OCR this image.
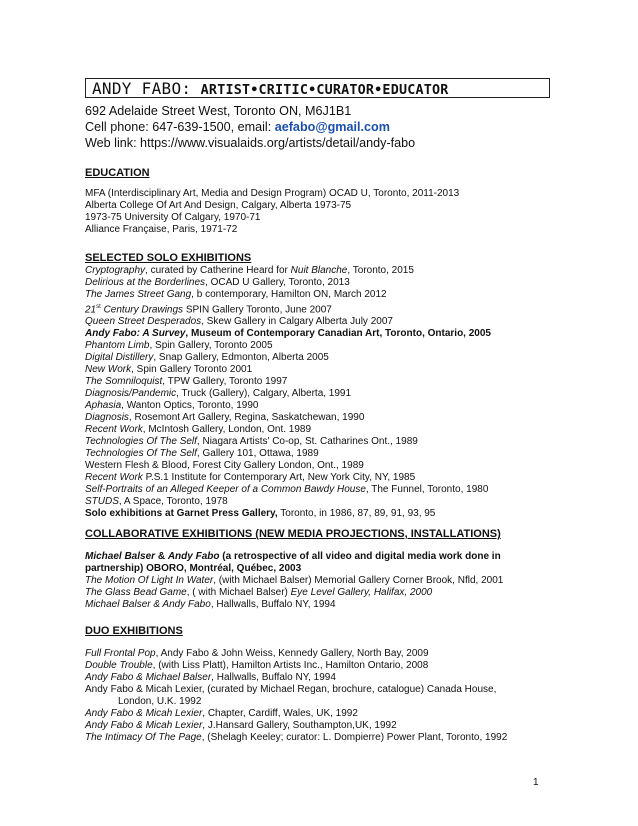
ANDY FABO: ARTIST•CRITIC•CURATOR•EDUCATOR
692 Adelaide Street West, Toronto ON, M6J1B1
Cell phone: 647-639-1500, email: aefabo@gmail.com
Web link: https://www.visualaids.org/artists/detail/andy-fabo
EDUCATION
MFA (Interdisciplinary Art, Media and Design Program) OCAD U, Toronto, 2011-2013
Alberta College Of Art And Design, Calgary, Alberta 1973-75
1973-75 University Of Calgary, 1970-71
Alliance Française, Paris, 1971-72
SELECTED SOLO EXHIBITIONS
Cryptography, curated by Catherine Heard for Nuit Blanche, Toronto, 2015
Delirious at the Borderlines, OCAD U Gallery, Toronto, 2013
The James Street Gang, b contemporary, Hamilton ON, March 2012
21st Century Drawings SPIN Gallery Toronto, June 2007
Queen Street Desperados, Skew Gallery in Calgary Alberta July 2007
Andy Fabo: A Survey, Museum of Contemporary Canadian Art, Toronto, Ontario, 2005
Phantom Limb, Spin Gallery, Toronto 2005
Digital Distillery, Snap Gallery, Edmonton, Alberta 2005
New Work, Spin Gallery Toronto 2001
The Somniloquist, TPW Gallery, Toronto 1997
Diagnosis/Pandemic, Truck (Gallery), Calgary, Alberta, 1991
Aphasia, Wanton Optics, Toronto, 1990
Diagnosis, Rosemont Art Gallery, Regina, Saskatchewan, 1990
Recent Work, McIntosh Gallery, London, Ont. 1989
Technologies Of The Self, Niagara Artists' Co-op, St. Catharines Ont., 1989
Technologies Of The Self, Gallery 101, Ottawa, 1989
Western Flesh & Blood, Forest City Gallery London, Ont., 1989
Recent Work P.S.1 Institute for Contemporary Art, New York City, NY, 1985
Self-Portraits of an Alleged Keeper of a Common Bawdy House, The Funnel, Toronto, 1980
STUDS, A Space, Toronto, 1978
Solo exhibitions at Garnet Press Gallery, Toronto, in 1986, 87, 89, 91, 93, 95
COLLABORATIVE EXHIBITIONS (NEW MEDIA PROJECTIONS, INSTALLATIONS)
Michael Balser & Andy Fabo (a retrospective of all video and digital media work done in partnership) OBORO, Montréal, Québec, 2003
The Motion Of Light In Water, (with Michael Balser) Memorial Gallery Corner Brook, Nfld, 2001
The Glass Bead Game, ( with Michael Balser) Eye Level Gallery, Halifax, 2000
Michael Balser & Andy Fabo, Hallwalls, Buffalo NY, 1994
DUO EXHIBITIONS
Full Frontal Pop, Andy Fabo & John Weiss, Kennedy Gallery, North Bay, 2009
Double Trouble, (with Liss Platt), Hamilton Artists Inc., Hamilton Ontario, 2008
Andy Fabo & Michael Balser, Hallwalls, Buffalo NY, 1994
Andy Fabo & Micah Lexier, (curated by Michael Regan, brochure, catalogue) Canada House,
London, U.K. 1992
Andy Fabo & Micah Lexier, Chapter, Cardiff, Wales, UK, 1992
Andy Fabo & Micah Lexier, J.Hansard Gallery, Southampton,UK, 1992
The Intimacy Of The Page, (Shelagh Keeley; curator: L. Dompierre) Power Plant, Toronto, 1992
1
